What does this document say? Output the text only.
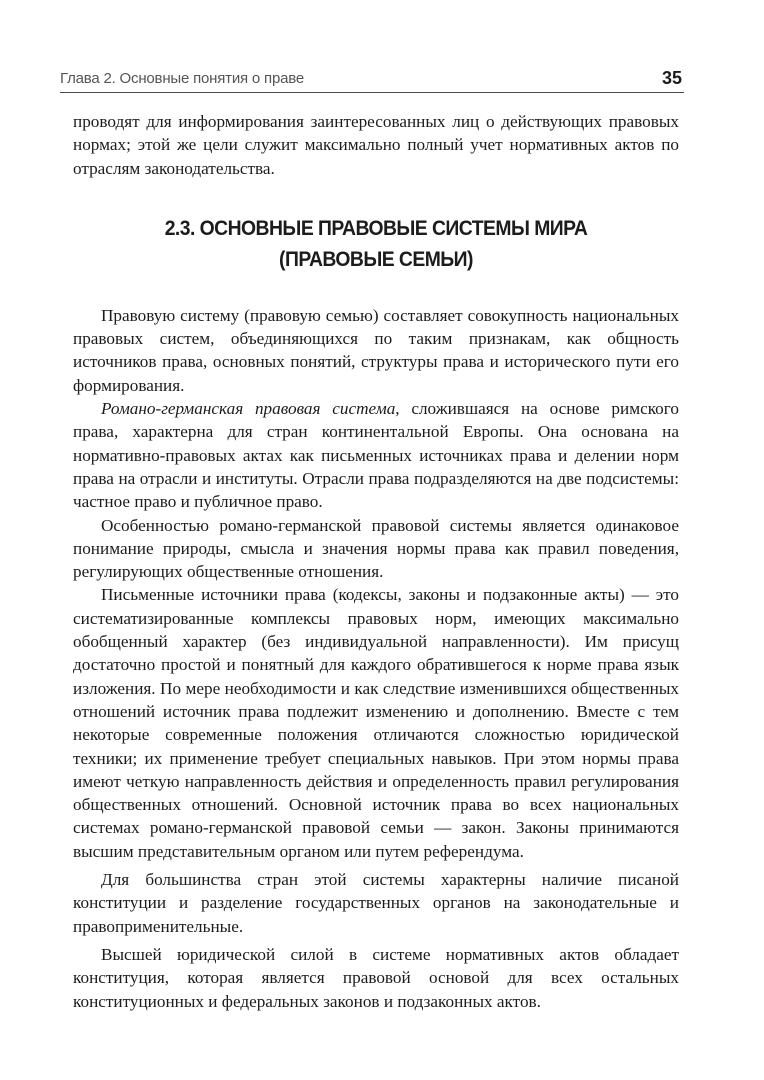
Глава 2. Основные понятия о праве	35

проводят для информирования заинтересованных лиц о действующих правовых нормах; этой же цели служит максимально полный учет нормативных актов по отраслям законодательства.

2.3. ОСНОВНЫЕ ПРАВОВЫЕ СИСТЕМЫ МИРА
(ПРАВОВЫЕ СЕМЬИ)

Правовую систему (правовую семью) составляет совокупность национальных правовых систем, объединяющихся по таким признакам, как общность источников права, основных понятий, структуры права и исторического пути его формирования.

Романо-германская правовая система, сложившаяся на основе римского права, характерна для стран континентальной Европы. Она основана на нормативно-правовых актах как письменных источниках права и делении норм права на отрасли и институты. Отрасли права подразделяются на две подсистемы: частное право и публичное право.

Особенностью романо-германской правовой системы является одинаковое понимание природы, смысла и значения нормы права как правил поведения, регулирующих общественные отношения.

Письменные источники права (кодексы, законы и подзаконные акты) — это систематизированные комплексы правовых норм, имеющих максимально обобщенный характер (без индивидуальной направленности). Им присущ достаточно простой и понятный для каждого обратившегося к норме права язык изложения. По мере необходимости и как следствие изменившихся общественных отношений источник права подлежит изменению и дополнению. Вместе с тем некоторые современные положения отличаются сложностью юридической техники; их применение требует специальных навыков. При этом нормы права имеют четкую направленность действия и определенность правил регулирования общественных отношений. Основной источник права во всех национальных системах романо-германской правовой семьи — закон. Законы принимаются высшим представительным органом или путем референдума.

Для большинства стран этой системы характерны наличие писаной конституции и разделение государственных органов на законодательные и правоприменительные.

Высшей юридической силой в системе нормативных актов обладает конституция, которая является правовой основой для всех остальных конституционных и федеральных законов и подзаконных актов.
